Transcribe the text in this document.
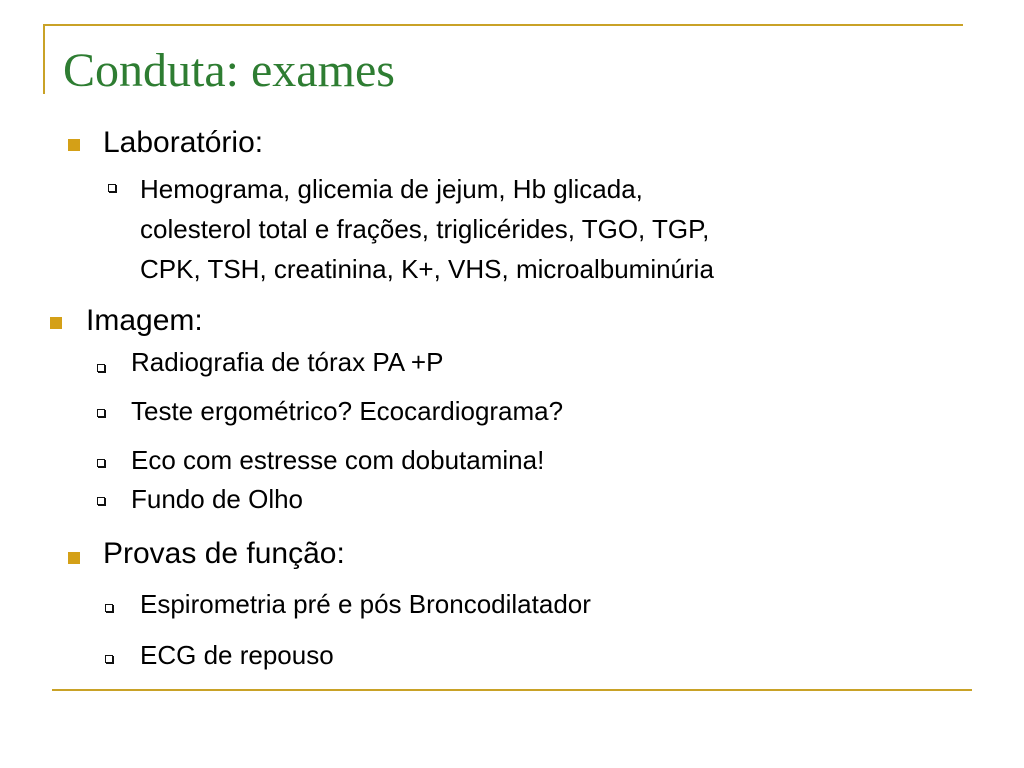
Conduta: exames
Laboratório:
Hemograma, glicemia de jejum, Hb glicada,
colesterol total e frações, triglicérides, TGO, TGP,
CPK, TSH, creatinina, K+, VHS, microalbuminúria
Imagem:
Radiografia de tórax PA +P
Teste ergométrico? Ecocardiograma?
Eco com estresse com dobutamina!
Fundo de Olho
Provas de função:
Espirometria pré e pós Broncodilatador
ECG de repouso
